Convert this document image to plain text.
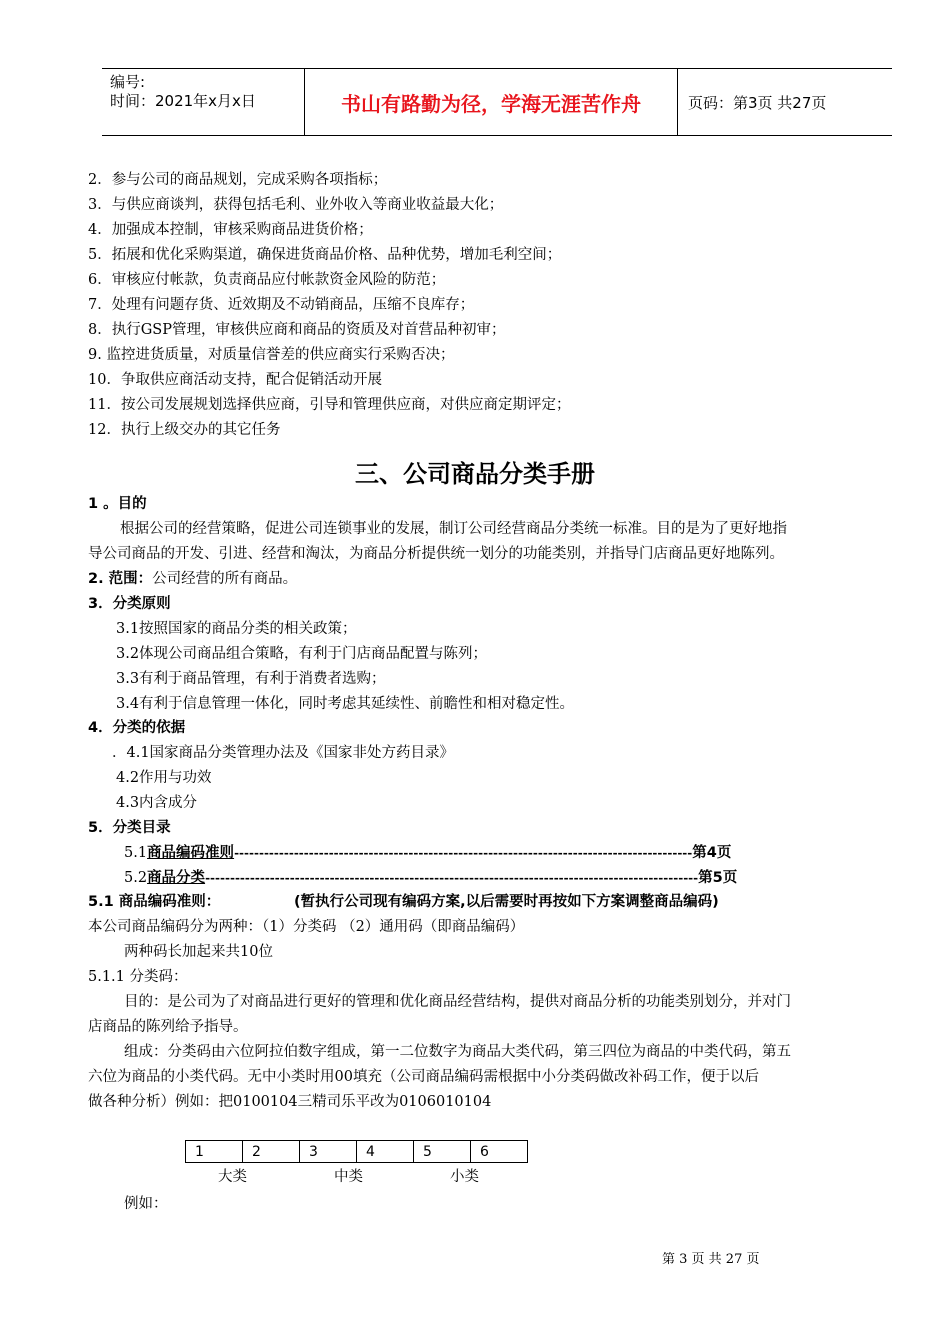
编号:
时间：2021年x月x日	书山有路勤为径，学海无涯苦作舟	页码：第3页 共27页
2．参与公司的商品规划，完成采购各项指标；
3．与供应商谈判，获得包括毛利、业外收入等商业收益最大化；
4．加强成本控制，审核采购商品进货价格；
5．拓展和优化采购渠道，确保进货商品价格、品种优势，增加毛利空间；
6．审核应付帐款，负责商品应付帐款资金风险的防范；
7．处理有问题存货、近效期及不动销商品，压缩不良库存；
8．执行GSP管理，审核供应商和商品的资质及对首营品种初审；
9. 监控进货质量，对质量信誉差的供应商实行采购否决；
10．争取供应商活动支持，配合促销活动开展
11．按公司发展规划选择供应商，引导和管理供应商，对供应商定期评定；
12．执行上级交办的其它任务
三、公司商品分类手册
1 。目的
根据公司的经营策略，促进公司连锁事业的发展，制订公司经营商品分类统一标准。目的是为了更好地指
导公司商品的开发、引进、经营和淘汰，为商品分析提供统一划分的功能类别，并指导门店商品更好地陈列。
2. 范围：公司经营的所有商品。
3．分类原则
3.1按照国家的商品分类的相关政策；
3.2体现公司商品组合策略，有利于门店商品配置与陈列；
3.3有利于商品管理，有利于消费者选购；
3.4有利于信息管理一体化，同时考虑其延续性、前瞻性和相对稳定性。
4．分类的依据
．4.1国家商品分类管理办法及《国家非处方药目录》
4.2作用与功效
4.3内含成分
5．分类目录
5.1商品编码准则--------------------------------------------------------------------------------------------第4页
5.2商品分类---------------------------------------------------------------------------------------------------第5页
5.1 商品编码准则：	(暂执行公司现有编码方案,以后需要时再按如下方案调整商品编码)
本公司商品编码分为两种：（1）分类码 （2）通用码（即商品编码）
两种码长加起来共10位
5.1.1 分类码：
目的：是公司为了对商品进行更好的管理和优化商品经营结构，提供对商品分析的功能类别划分，并对门
店商品的陈列给予指导。
组成：分类码由六位阿拉伯数字组成，第一二位数字为商品大类代码，第三四位为商品的中类代码，第五
六位为商品的小类代码。无中小类时用00填充（公司商品编码需根据中小分类码做改补码工作，便于以后
做各种分析）例如：把0100104三精司乐平改为0106010104
1	2	3	4	5	6
大类	中类	小类
例如：
第 3 页 共 27 页
